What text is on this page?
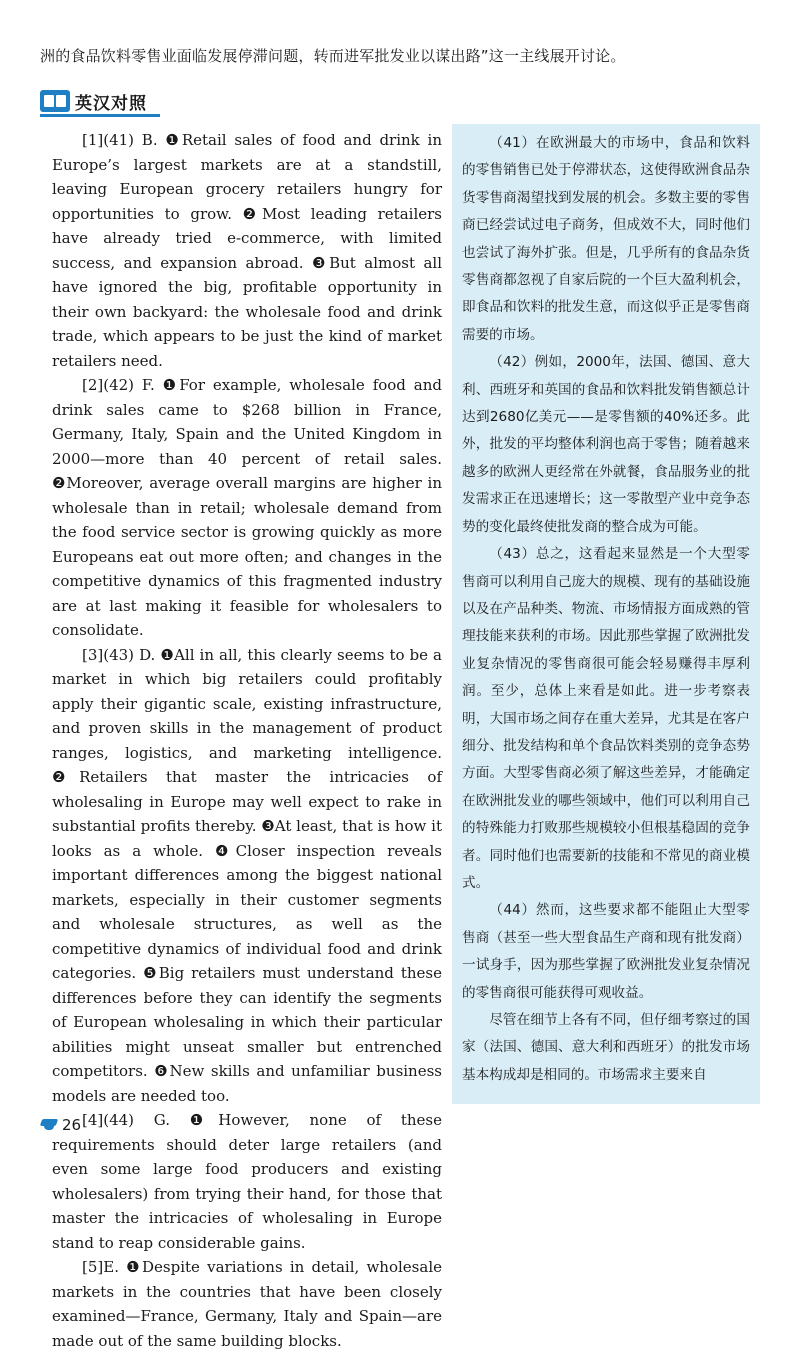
洲的食品饮料零售业面临发展停滞问题，转而进军批发业以谋出路”这一主线展开讨论。
英汉对照

[1](41) B. ❶Retail sales of food and drink in Europe’s largest markets are at a standstill, leaving European grocery retailers hungry for opportunities to grow. ❷Most leading retailers have already tried e-commerce, with limited success, and expansion abroad. ❸But almost all have ignored the big, profitable opportunity in their own backyard: the wholesale food and drink trade, which appears to be just the kind of market retailers need.

[2](42) F. ❶For example, wholesale food and drink sales came to $268 billion in France, Germany, Italy, Spain and the United Kingdom in 2000—more than 40 percent of retail sales. ❷Moreover, average overall margins are higher in wholesale than in retail; wholesale demand from the food service sector is growing quickly as more Europeans eat out more often; and changes in the competitive dynamics of this fragmented industry are at last making it feasible for wholesalers to consolidate.

[3](43) D. ❶All in all, this clearly seems to be a market in which big retailers could profitably apply their gigantic scale, existing infrastructure, and proven skills in the management of product ranges, logistics, and marketing intelligence. ❷Retailers that master the intricacies of wholesaling in Europe may well expect to rake in substantial profits thereby. ❸At least, that is how it looks as a whole. ❹Closer inspection reveals important differences among the biggest national markets, especially in their customer segments and wholesale structures, as well as the competitive dynamics of individual food and drink categories. ❺Big retailers must understand these differences before they can identify the segments of European wholesaling in which their particular abilities might unseat smaller but entrenched competitors. ❻New skills and unfamiliar business models are needed too.

[4](44) G. ❶However, none of these requirements should deter large retailers (and even some large food producers and existing wholesalers) from trying their hand, for those that master the intricacies of wholesaling in Europe stand to reap considerable gains.

[5]E. ❶Despite variations in detail, wholesale markets in the countries that have been closely examined—France, Germany, Italy and Spain—are made out of the same building blocks.

（41）在欧洲最大的市场中，食品和饮料的零售销售已处于停滞状态，这使得欧洲食品杂货零售商渴望找到发展的机会。多数主要的零售商已经尝试过电子商务，但成效不大，同时他们也尝试了海外扩张。但是，几乎所有的食品杂货零售商都忽视了自家后院的一个巨大盈利机会，即食品和饮料的批发生意，而这似乎正是零售商需要的市场。

（42）例如，2000年，法国、德国、意大利、西班牙和英国的食品和饮料批发销售额总计达到2680亿美元——是零售额的40%还多。此外，批发的平均整体利润也高于零售；随着越来越多的欧洲人更经常在外就餐，食品服务业的批发需求正在迅速增长；这一零散型产业中竞争态势的变化最终使批发商的整合成为可能。

（43）总之，这看起来显然是一个大型零售商可以利用自己庞大的规模、现有的基础设施以及在产品种类、物流、市场情报方面成熟的管理技能来获利的市场。因此那些掌握了欧洲批发业复杂情况的零售商很可能会轻易赚得丰厚利润。至少，总体上来看是如此。进一步考察表明，大国市场之间存在重大差异，尤其是在客户细分、批发结构和单个食品饮料类别的竞争态势方面。大型零售商必须了解这些差异，才能确定在欧洲批发业的哪些领域中，他们可以利用自己的特殊能力打败那些规模较小但根基稳固的竞争者。同时他们也需要新的技能和不常见的商业模式。

（44）然而，这些要求都不能阻止大型零售商（甚至一些大型食品生产商和现有批发商）一试身手，因为那些掌握了欧洲批发业复杂情况的零售商很可能获得可观收益。

尽管在细节上各有不同，但仔细考察过的国家（法国、德国、意大利和西班牙）的批发市场基本构成却是相同的。市场需求主要来自

26
